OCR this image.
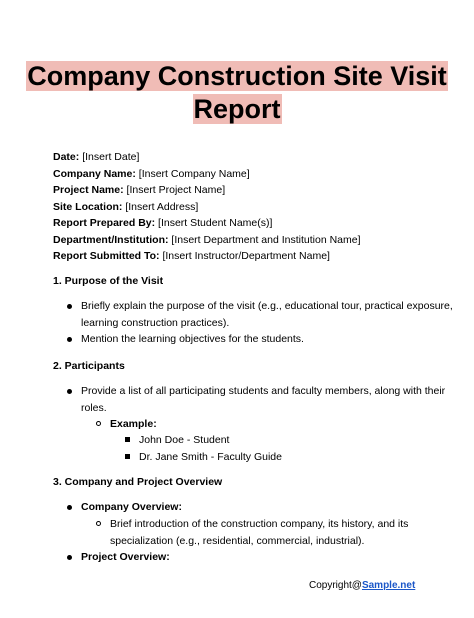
Company Construction Site Visit
Report
Date: [Insert Date]
Company Name: [Insert Company Name]
Project Name: [Insert Project Name]
Site Location: [Insert Address]
Report Prepared By: [Insert Student Name(s)]
Department/Institution: [Insert Department and Institution Name]
Report Submitted To: [Insert Instructor/Department Name]
1. Purpose of the Visit
Briefly explain the purpose of the visit (e.g., educational tour, practical exposure,
learning construction practices).
Mention the learning objectives for the students.
2. Participants
Provide a list of all participating students and faculty members, along with their
roles.
Example:
John Doe - Student
Dr. Jane Smith - Faculty Guide
3. Company and Project Overview
Company Overview:
Brief introduction of the construction company, its history, and its
specialization (e.g., residential, commercial, industrial).
Project Overview:
Copyright@Sample.net
